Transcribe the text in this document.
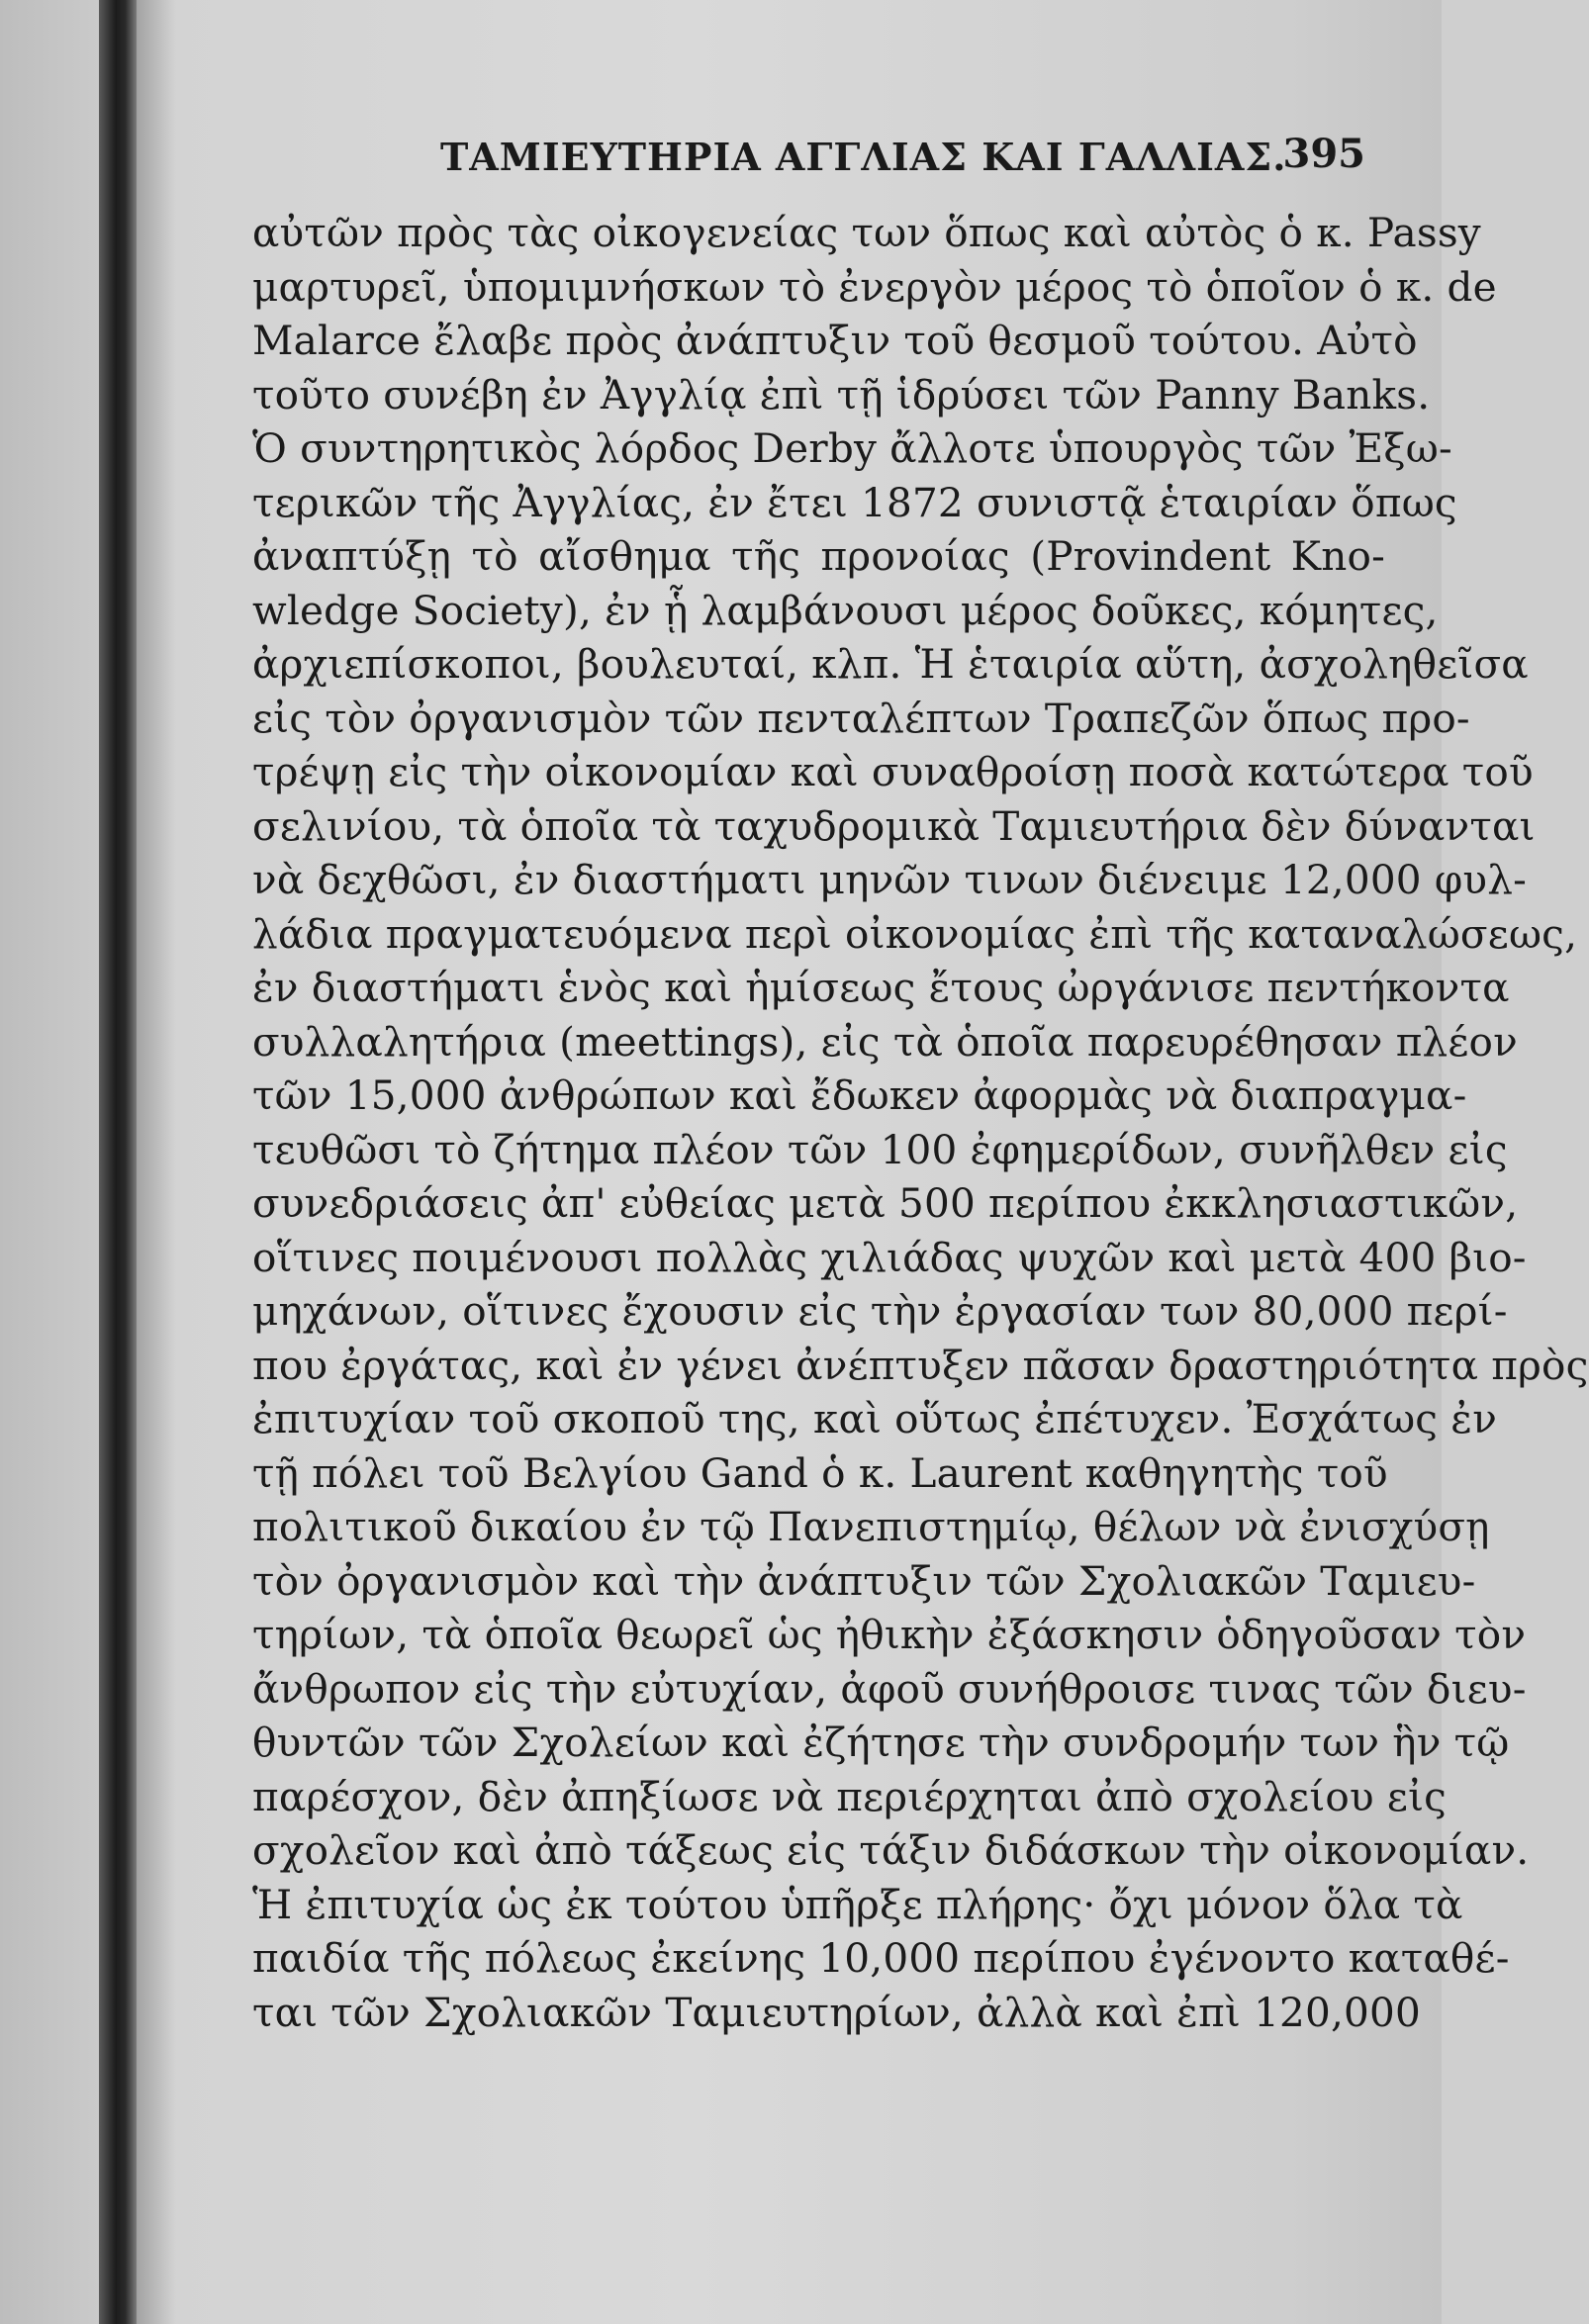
ΤΑΜΙΕΥΤΗΡΙΑ ΑΓΓΛΙΑΣ ΚΑΙ ΓΑΛΛΙΑΣ.
395
αὐτῶν πρὸς τὰς οἰκογενείας των ὅπως καὶ αὐτὸς ὁ κ. Passy
μαρτυρεῖ, ὑπομιμνήσκων τὸ ἐνεργὸν μέρος τὸ ὁποῖον ὁ κ. de
Malarce ἔλαβε πρὸς ἀνάπτυξιν τοῦ θεσμοῦ τούτου. Αὐτὸ
τοῦτο συνέβη ἐν Ἀγγλίᾳ ἐπὶ τῇ ἱδρύσει τῶν Panny Banks.
Ὁ συντηρητικὸς λόρδος Derby ἄλλοτε ὑπουργὸς τῶν Ἐξω-
τερικῶν τῆς Ἀγγλίας, ἐν ἔτει 1872 συνιστᾷ ἑταιρίαν ὅπως
ἀναπτύξῃ τὸ αἴσθημα τῆς προνοίας (Provindent Kno-
wledge Society), ἐν ᾗ λαμβάνουσι μέρος δοῦκες, κόμητες,
ἀρχιεπίσκοποι, βουλευταί, κλπ. Ἡ ἑταιρία αὕτη, ἀσχοληθεῖσα
εἰς τὸν ὀργανισμὸν τῶν πενταλέπτων Τραπεζῶν ὅπως προ-
τρέψῃ εἰς τὴν οἰκονομίαν καὶ συναθροίσῃ ποσὰ κατώτερα τοῦ
σελινίου, τὰ ὁποῖα τὰ ταχυδρομικὰ Ταμιευτήρια δὲν δύνανται
νὰ δεχθῶσι, ἐν διαστήματι μηνῶν τινων διένειμε 12,000 φυλ-
λάδια πραγματευόμενα περὶ οἰκονομίας ἐπὶ τῆς καταναλώσεως,
ἐν διαστήματι ἑνὸς καὶ ἡμίσεως ἔτους ὠργάνισε πεντήκοντα
συλλαλητήρια (meettings), εἰς τὰ ὁποῖα παρευρέθησαν πλέον
τῶν 15,000 ἀνθρώπων καὶ ἔδωκεν ἀφορμὰς νὰ διαπραγμα-
τευθῶσι τὸ ζήτημα πλέον τῶν 100 ἐφημερίδων, συνῆλθεν εἰς
συνεδριάσεις ἀπ' εὐθείας μετὰ 500 περίπου ἐκκλησιαστικῶν,
οἵτινες ποιμένουσι πολλὰς χιλιάδας ψυχῶν καὶ μετὰ 400 βιο-
μηχάνων, οἵτινες ἔχουσιν εἰς τὴν ἐργασίαν των 80,000 περί-
που ἐργάτας, καὶ ἐν γένει ἀνέπτυξεν πᾶσαν δραστηριότητα πρὸς
ἐπιτυχίαν τοῦ σκοποῦ της, καὶ οὕτως ἐπέτυχεν. Ἐσχάτως ἐν
τῇ πόλει τοῦ Βελγίου Gand ὁ κ. Laurent καθηγητὴς τοῦ
πολιτικοῦ δικαίου ἐν τῷ Πανεπιστημίῳ, θέλων νὰ ἐνισχύσῃ
τὸν ὀργανισμὸν καὶ τὴν ἀνάπτυξιν τῶν Σχολιακῶν Ταμιευ-
τηρίων, τὰ ὁποῖα θεωρεῖ ὡς ἠθικὴν ἐξάσκησιν ὁδηγοῦσαν τὸν
ἄνθρωπον εἰς τὴν εὐτυχίαν, ἀφοῦ συνήθροισε τινας τῶν διευ-
θυντῶν τῶν Σχολείων καὶ ἐζήτησε τὴν συνδρομήν των ἣν τῷ
παρέσχον, δὲν ἀπηξίωσε νὰ περιέρχηται ἀπὸ σχολείου εἰς
σχολεῖον καὶ ἀπὸ τάξεως εἰς τάξιν διδάσκων τὴν οἰκονομίαν.
Ἡ ἐπιτυχία ὡς ἐκ τούτου ὑπῆρξε πλήρης· ὄχι μόνον ὅλα τὰ
παιδία τῆς πόλεως ἐκείνης 10,000 περίπου ἐγένοντο καταθέ-
ται τῶν Σχολιακῶν Ταμιευτηρίων, ἀλλὰ καὶ ἐπὶ 120,000
